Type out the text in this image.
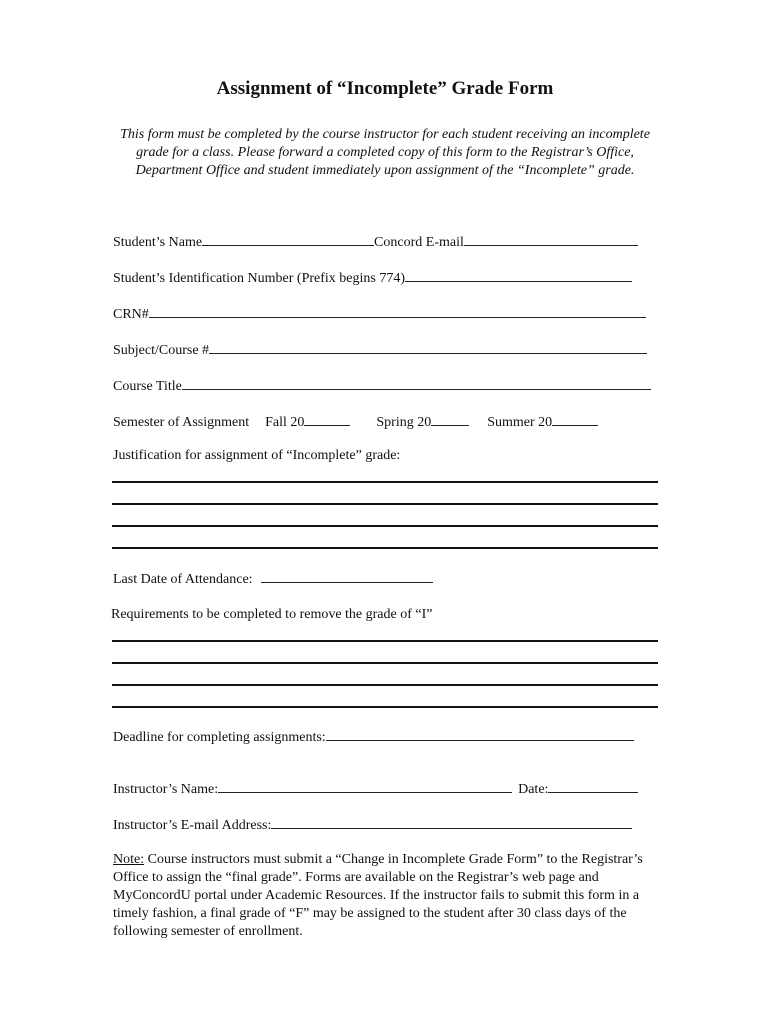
Assignment of “Incomplete” Grade Form
This form must be completed by the course instructor for each student receiving an incomplete grade for a class. Please forward a completed copy of this form to the Registrar’s Office, Department Office and student immediately upon assignment of the “Incomplete” grade.
Student’s Name	Concord E-mail
Student’s Identification Number (Prefix begins 774)
CRN#
Subject/Course #
Course Title
Semester of Assignment Fall 20	Spring 20	Summer 20
Justification for assignment of “Incomplete” grade:
Last Date of Attendance:
Requirements to be completed to remove the grade of “I”
Deadline for completing assignments:
Instructor’s Name:	Date:
Instructor’s E-mail Address:
Note: Course instructors must submit a “Change in Incomplete Grade Form” to the Registrar’s Office to assign the “final grade”. Forms are available on the Registrar’s web page and MyConcordU portal under Academic Resources. If the instructor fails to submit this form in a timely fashion, a final grade of “F” may be assigned to the student after 30 class days of the following semester of enrollment.
